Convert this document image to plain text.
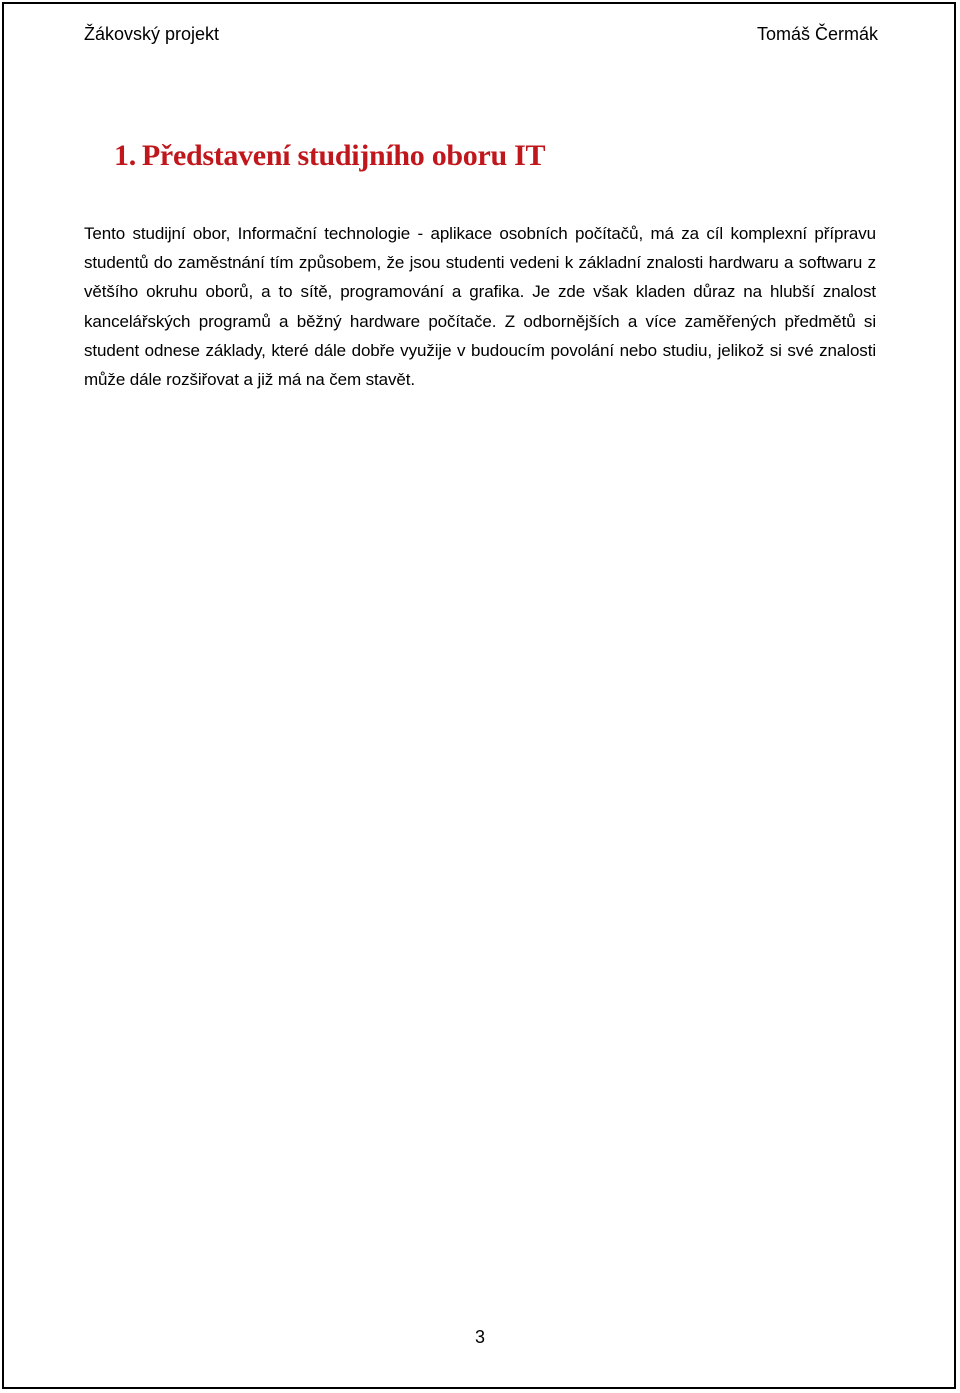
Žákovský projekt	Tomáš Čermák
1. Představení studijního oboru IT

Tento studijní obor, Informační technologie - aplikace osobních počítačů, má za cíl komplexní přípravu studentů do zaměstnání tím způsobem, že jsou studenti vedeni k základní znalosti hardwaru a softwaru z většího okruhu oborů, a to sítě, programování a grafika. Je zde však kladen důraz na hlubší znalost kancelářských programů a běžný hardware počítače. Z odbornějších a více zaměřených předmětů si student odnese základy, které dále dobře využije v budoucím povolání nebo studiu, jelikož si své znalosti může dále rozšiřovat a již má na čem stavět.

3
